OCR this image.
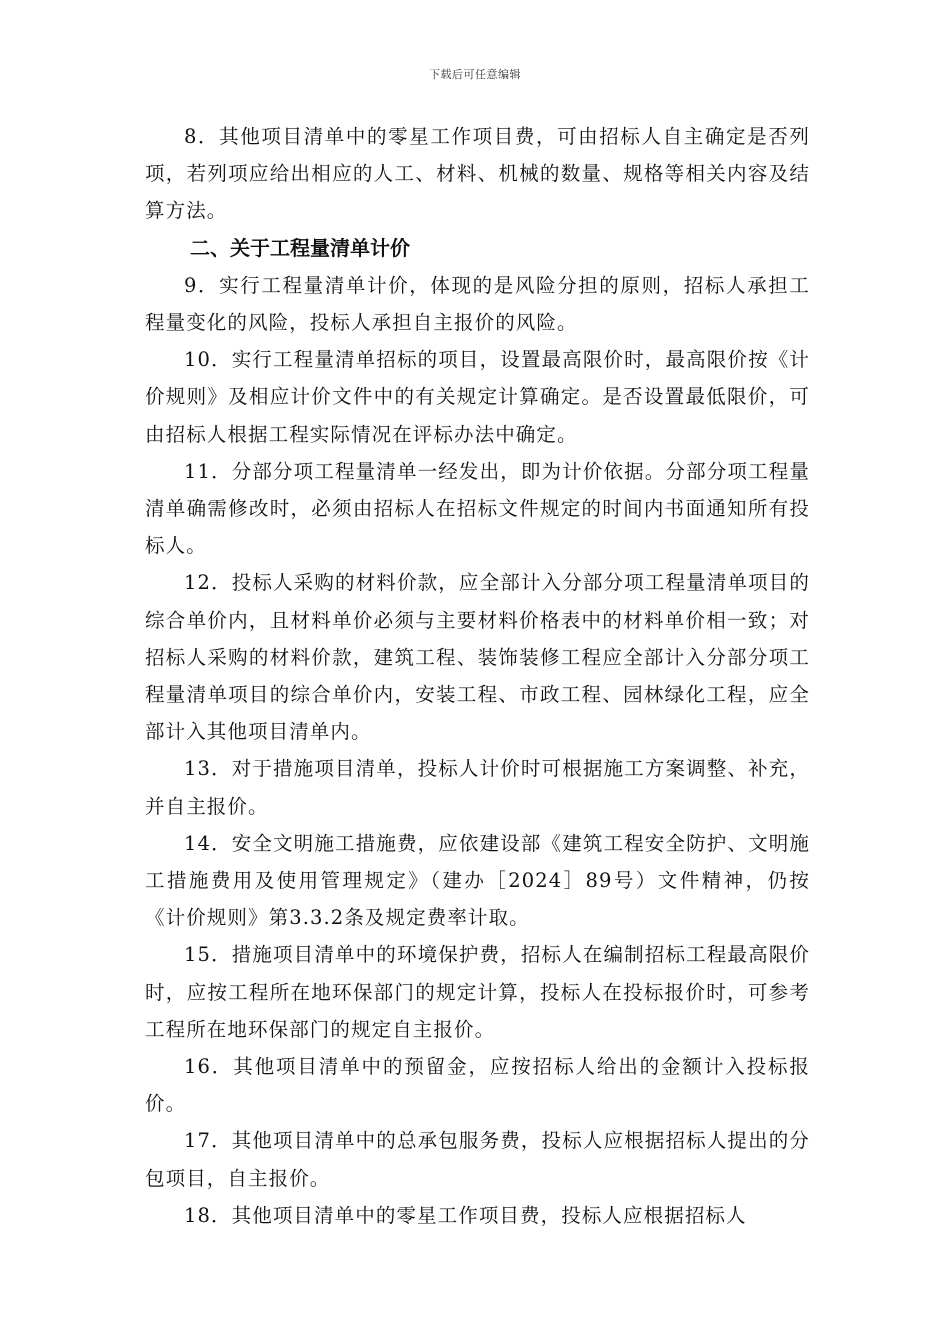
下载后可任意编辑

8．其他项目清单中的零星工作项目费，可由招标人自主确定是否列项，若列项应给出相应的人工、材料、机械的数量、规格等相关内容及结算方法。

二、关于工程量清单计价

9．实行工程量清单计价，体现的是风险分担的原则，招标人承担工程量变化的风险，投标人承担自主报价的风险。

10．实行工程量清单招标的项目，设置最高限价时，最高限价按《计价规则》及相应计价文件中的有关规定计算确定。是否设置最低限价，可由招标人根据工程实际情况在评标办法中确定。

11．分部分项工程量清单一经发出，即为计价依据。分部分项工程量清单确需修改时，必须由招标人在招标文件规定的时间内书面通知所有投标人。

12．投标人采购的材料价款，应全部计入分部分项工程量清单项目的综合单价内，且材料单价必须与主要材料价格表中的材料单价相一致；对招标人采购的材料价款，建筑工程、装饰装修工程应全部计入分部分项工程量清单项目的综合单价内，安装工程、市政工程、园林绿化工程，应全部计入其他项目清单内。

13．对于措施项目清单，投标人计价时可根据施工方案调整、补充，并自主报价。

14．安全文明施工措施费，应依建设部《建筑工程安全防护、文明施工措施费用及使用管理规定》（建办［2024］89号）文件精神，仍按《计价规则》第3.3.2条及规定费率计取。

15．措施项目清单中的环境保护费，招标人在编制招标工程最高限价时，应按工程所在地环保部门的规定计算，投标人在投标报价时，可参考工程所在地环保部门的规定自主报价。

16．其他项目清单中的预留金，应按招标人给出的金额计入投标报价。

17．其他项目清单中的总承包服务费，投标人应根据招标人提出的分包项目，自主报价。

18．其他项目清单中的零星工作项目费，投标人应根据招标人
